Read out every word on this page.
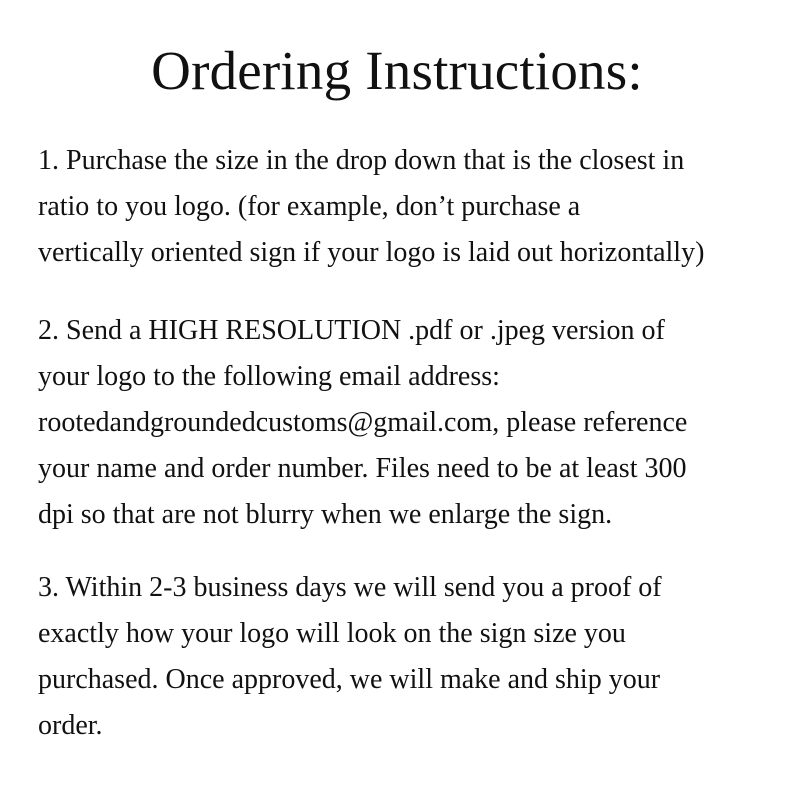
Ordering Instructions:

1. Purchase the size in the drop down that is the closest in
ratio to you logo. (for example, don’t purchase a
vertically oriented sign if your logo is laid out horizontally)

2. Send a HIGH RESOLUTION .pdf or .jpeg version of
your logo to the following email address:
rootedandgroundedcustoms@gmail.com, please reference
your name and order number. Files need to be at least 300
dpi so that are not blurry when we enlarge the sign.

3. Within 2-3 business days we will send you a proof of
exactly how your logo will look on the sign size you
purchased. Once approved, we will make and ship your
order.
